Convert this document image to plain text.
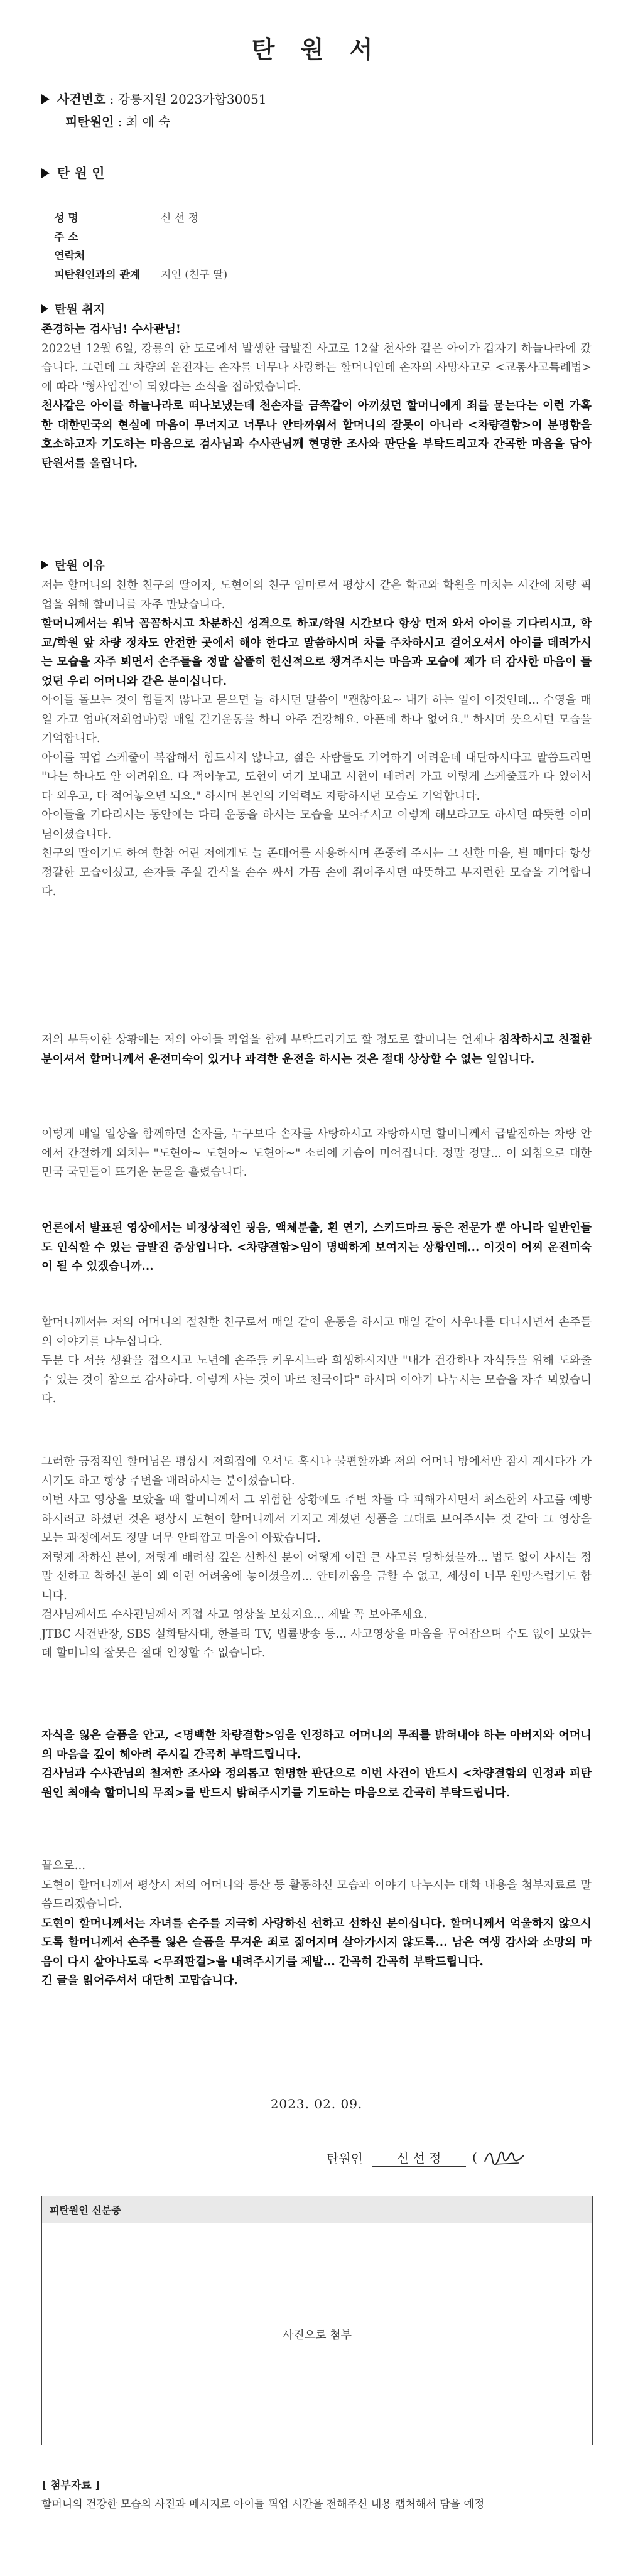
탄 원 서
사건번호 : 강릉지원 2023가합30051
피탄원인 : 최 애 숙
탄 원 인
성 명	신 선 정
주 소
연락처
피탄원인과의 관계	지인 (친구 딸)
탄원 취지
존경하는 검사님! 수사관님!
2022년 12월 6일, 강릉의 한 도로에서 발생한 급발진 사고로 12살 천사와 같은 아이가 갑자기 하늘나라에 갔습니다. 그런데 그 차량의 운전자는 손자를 너무나 사랑하는 할머니인데 손자의 사망사고로 <교통사고특례법>에 따라 '형사입건'이 되었다는 소식을 접하였습니다.
천사같은 아이를 하늘나라로 떠나보냈는데 천손자를 금쪽같이 아끼셨던 할머니에게 죄를 묻는다는 이런 가혹한 대한민국의 현실에 마음이 무너지고 너무나 안타까워서 할머니의 잘못이 아니라 <차량결함>이 분명함을 호소하고자 기도하는 마음으로 검사님과 수사관님께 현명한 조사와 판단을 부탁드리고자 간곡한 마음을 담아 탄원서를 올립니다.
탄원 이유
저는 할머니의 친한 친구의 딸이자, 도현이의 친구 엄마로서 평상시 같은 학교와 학원을 마치는 시간에 차량 픽업을 위해 할머니를 자주 만났습니다.
할머니께서는 워낙 꼼꼼하시고 차분하신 성격으로 하교/학원 시간보다 항상 먼저 와서 아이를 기다리시고, 학교/학원 앞 차량 정차도 안전한 곳에서 해야 한다고 말씀하시며 차를 주차하시고 걸어오셔서 아이를 데려가시는 모습을 자주 뵈면서 손주들을 정말 살뜰히 헌신적으로 챙겨주시는 마음과 모습에 제가 더 감사한 마음이 들었던 우리 어머니와 같은 분이십니다.
아이들 돌보는 것이 힘들지 않나고 묻으면 늘 하시던 말씀이 "괜찮아요~ 내가 하는 일이 이것인데... 수영을 매일 가고 엄마(저희엄마)랑 매일 걷기운동을 하니 아주 건강해요. 아픈데 하나 없어요." 하시며 웃으시던 모습을 기억합니다.
아이를 픽업 스케줄이 복잡해서 힘드시지 않나고, 젊은 사람들도 기억하기 어려운데 대단하시다고 말씀드리면 "나는 하나도 안 어려워요. 다 적어놓고, 도현이 여기 보내고 시현이 데려러 가고 이렇게 스케줄표가 다 있어서 다 외우고, 다 적어놓으면 되요." 하시며 본인의 기억력도 자랑하시던 모습도 기억합니다.
아이들을 기다리시는 동안에는 다리 운동을 하시는 모습을 보여주시고 이렇게 해보라고도 하시던 따뜻한 어머님이셨습니다.
친구의 딸이기도 하여 한참 어린 저에게도 늘 존대어를 사용하시며 존중해 주시는 그 선한 마음, 뵐 때마다 항상 정갈한 모습이셨고, 손자들 주실 간식을 손수 싸서 가끔 손에 쥐어주시던 따뜻하고 부지런한 모습을 기억합니다.
저의 부득이한 상황에는 저의 아이들 픽업을 함께 부탁드리기도 할 정도로 할머니는 언제나 침착하시고 친절한 분이셔서 할머니께서 운전미숙이 있거나 과격한 운전을 하시는 것은 절대 상상할 수 없는 일입니다.
이렇게 매일 일상을 함께하던 손자를, 누구보다 손자를 사랑하시고 자랑하시던 할머니께서 급발진하는 차량 안에서 간절하게 외치는 "도현아~ 도현아~ 도현아~" 소리에 가슴이 미어집니다. 정말 정말... 이 외침으로 대한민국 국민들이 뜨거운 눈물을 흘렸습니다.
언론에서 발표된 영상에서는 비정상적인 굉음, 액체분출, 흰 연기, 스키드마크 등은 전문가 뿐 아니라 일반인들도 인식할 수 있는 급발진 증상입니다. <차량결함>임이 명백하게 보여지는 상황인데... 이것이 어찌 운전미숙이 될 수 있겠습니까...
할머니께서는 저의 어머니의 절친한 친구로서 매일 같이 운동을 하시고 매일 같이 사우나를 다니시면서 손주들의 이야기를 나누십니다.
두분 다 서울 생활을 접으시고 노년에 손주들 키우시느라 희생하시지만 "내가 건강하나 자식들을 위해 도와줄 수 있는 것이 참으로 감사하다. 이렇게 사는 것이 바로 천국이다" 하시며 이야기 나누시는 모습을 자주 뵈었습니다.
그러한 긍정적인 할머님은 평상시 저희집에 오셔도 혹시나 불편할까봐 저의 어머니 방에서만 잠시 계시다가 가시기도 하고 항상 주변을 배려하시는 분이셨습니다.
이번 사고 영상을 보았을 때 할머니께서 그 위험한 상황에도 주변 차들 다 피해가시면서 최소한의 사고를 예방하시려고 하셨던 것은 평상시 도현이 할머니께서 가지고 계셨던 성품을 그대로 보여주시는 것 같아 그 영상을 보는 과정에서도 정말 너무 안타깝고 마음이 아팠습니다.
저렇게 착하신 분이, 저렇게 배려심 깊은 선하신 분이 어떻게 이런 큰 사고를 당하셨을까... 법도 없이 사시는 정말 선하고 착하신 분이 왜 이런 어려움에 놓이셨을까... 안타까움을 금할 수 없고, 세상이 너무 원망스럽기도 합니다.
검사님께서도 수사관님께서 직접 사고 영상을 보셨지요... 제발 꼭 보아주세요.
JTBC 사건반장, SBS 실화탐사대, 한블리 TV, 법률방송 등... 사고영상을 마음을 무여잡으며 수도 없이 보았는데 할머니의 잘못은 절대 인정할 수 없습니다.
자식을 잃은 슬픔을 안고, <명백한 차량결함>임을 인정하고 어머니의 무죄를 밝혀내야 하는 아버지와 어머니의 마음을 깊이 헤아려 주시길 간곡히 부탁드립니다.
검사님과 수사관님의 철저한 조사와 정의롭고 현명한 판단으로 이번 사건이 반드시 <차량결함의 인정과 피탄원인 최애숙 할머니의 무죄>를 반드시 밝혀주시기를 기도하는 마음으로 간곡히 부탁드립니다.
끝으로...
도현이 할머니께서 평상시 저의 어머니와 등산 등 활동하신 모습과 이야기 나누시는 대화 내용을 첨부자료로 말씀드리겠습니다.
도현이 할머니께서는 자녀를 손주를 지극히 사랑하신 선하고 선하신 분이십니다. 할머니께서 억울하지 않으시도록 할머니께서 손주를 잃은 슬픔을 무겨운 죄로 짊어지며 살아가시지 않도록... 남은 여생 감사와 소망의 마음이 다시 살아나도록 <무죄판결>을 내려주시기를 제발... 간곡히 간곡히 부탁드립니다.
긴 글을 읽어주셔서 대단히 고맙습니다.
2023. 02. 09.
탄원인	신 선 정	(
피탄원인 신분증
사진으로 첨부
[ 첨부자료 ]
할머니의 건강한 모습의 사진과 메시지로 아이들 픽업 시간을 전해주신 내용 캡처해서 담을 예정
